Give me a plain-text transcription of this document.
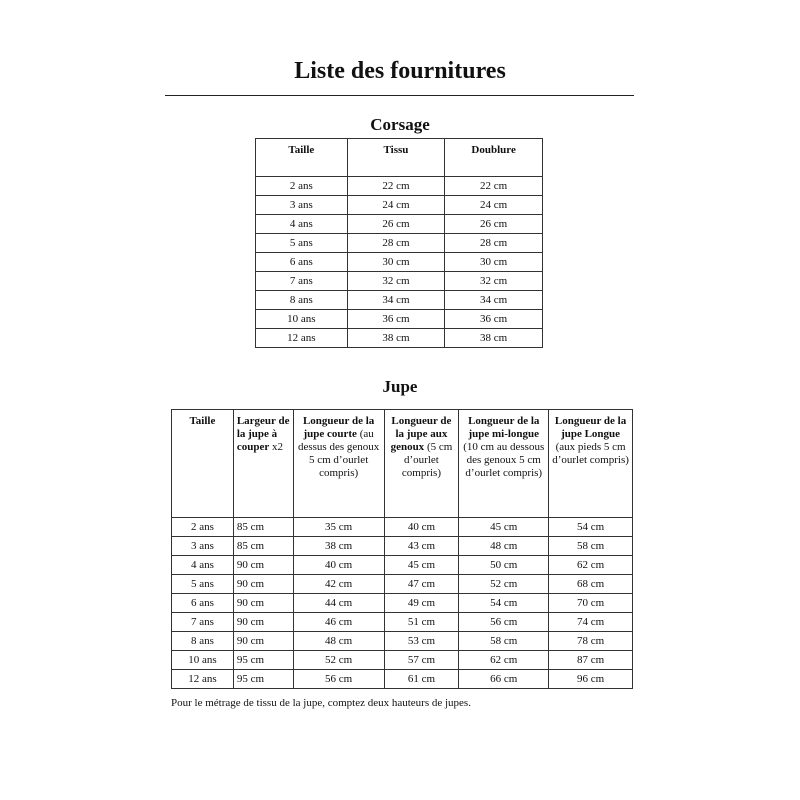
Liste des fournitures
Corsage
Taille	Tissu	Doublure
2 ans	22 cm	22 cm
3 ans	24 cm	24 cm
4 ans	26 cm	26 cm
5 ans	28 cm	28 cm
6 ans	30 cm	30 cm
7 ans	32 cm	32 cm
8 ans	34 cm	34 cm
10 ans	36 cm	36 cm
12 ans	38 cm	38 cm
Jupe
Taille	Largeur de la jupe à couper x2	Longueur de la jupe courte (au dessus des genoux 5 cm d’ourlet compris)	Longueur de la jupe aux genoux (5 cm d’ourlet compris)	Longueur de la jupe mi-longue (10 cm au dessous des genoux 5 cm d’ourlet compris)	Longueur de la jupe Longue (aux pieds 5 cm d’ourlet compris)
2 ans	85 cm	35 cm	40 cm	45 cm	54 cm
3 ans	85 cm	38 cm	43 cm	48 cm	58 cm
4 ans	90 cm	40 cm	45 cm	50 cm	62 cm
5 ans	90 cm	42 cm	47 cm	52 cm	68 cm
6 ans	90 cm	44 cm	49 cm	54 cm	70 cm
7 ans	90 cm	46 cm	51 cm	56 cm	74 cm
8 ans	90 cm	48 cm	53 cm	58 cm	78 cm
10 ans	95 cm	52 cm	57 cm	62 cm	87 cm
12 ans	95 cm	56 cm	61 cm	66 cm	96 cm

Pour le métrage de tissu de la jupe, comptez deux hauteurs de jupes.
